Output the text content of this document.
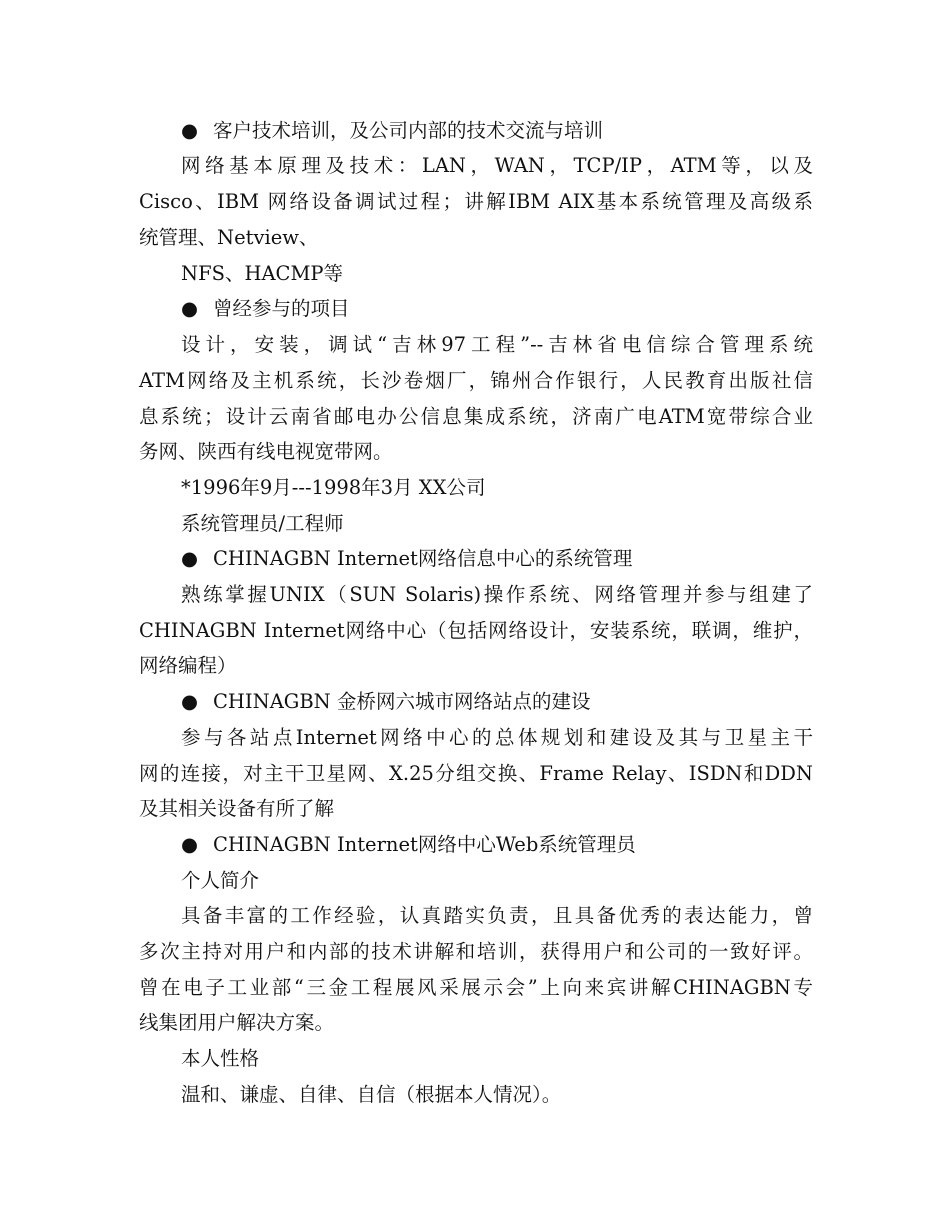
● 客户技术培训，及公司内部的技术交流与培训
网络基本原理及技术：LAN，WAN，TCP/IP，ATM等，以及
Cisco、IBM 网络设备调试过程；讲解IBM AIX基本系统管理及高级系
统管理、Netview、
NFS、HACMP等
● 曾经参与的项目
设计，安装，调试“吉林97工程”--吉林省电信综合管理系统
ATM网络及主机系统，长沙卷烟厂，锦州合作银行，人民教育出版社信
息系统；设计云南省邮电办公信息集成系统，济南广电ATM宽带综合业
务网、陕西有线电视宽带网。
*1996年9月---1998年3月 XX公司
系统管理员/工程师
● CHINAGBN Internet网络信息中心的系统管理
熟练掌握UNIX（SUN Solaris)操作系统、网络管理并参与组建了
CHINAGBN Internet网络中心（包括网络设计，安装系统，联调，维护，
网络编程）
● CHINAGBN 金桥网六城市网络站点的建设
参与各站点Internet网络中心的总体规划和建设及其与卫星主干
网的连接，对主干卫星网、X.25分组交换、Frame Relay、ISDN和DDN
及其相关设备有所了解
● CHINAGBN Internet网络中心Web系统管理员
个人简介
具备丰富的工作经验，认真踏实负责，且具备优秀的表达能力，曾
多次主持对用户和内部的技术讲解和培训，获得用户和公司的一致好评。
曾在电子工业部“三金工程展风采展示会”上向来宾讲解CHINAGBN专
线集团用户解决方案。
本人性格
温和、谦虚、自律、自信（根据本人情况）。
